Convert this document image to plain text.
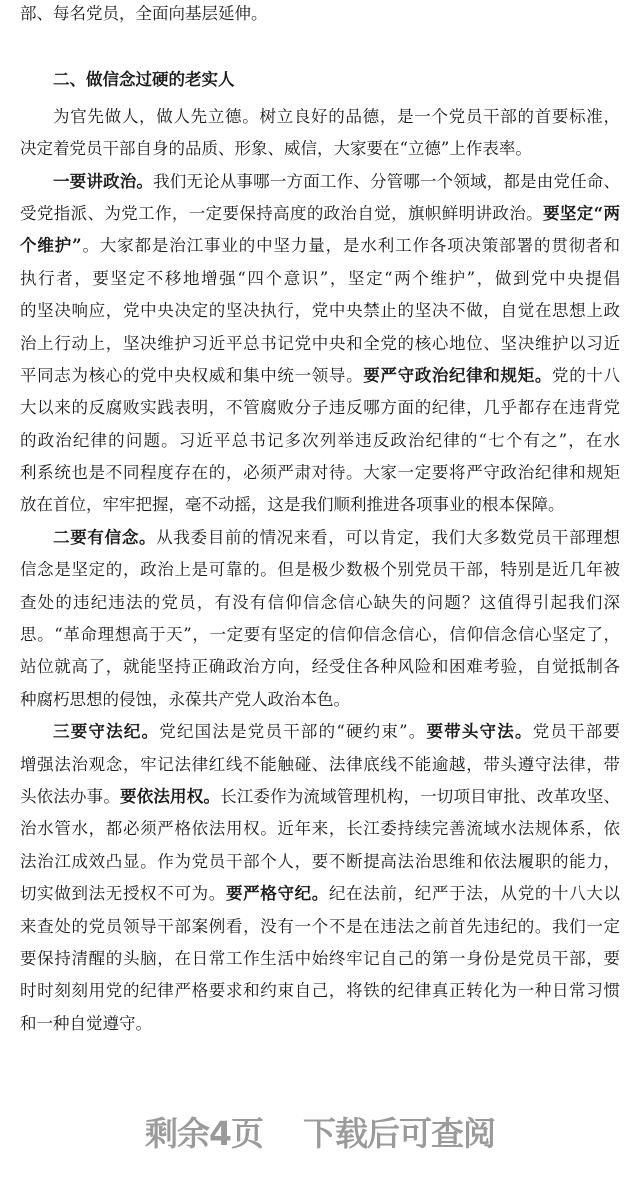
部、每名党员，全面向基层延伸。
二、做信念过硬的老实人
为官先做人，做人先立德。树立良好的品德，是一个党员干部的首要标准，
决定着党员干部自身的品质、形象、威信，大家要在“立德”上作表率。
一要讲政治。我们无论从事哪一方面工作、分管哪一个领域，都是由党任命、
受党指派、为党工作，一定要保持高度的政治自觉，旗帜鲜明讲政治。要坚定“两
个维护”。大家都是治江事业的中坚力量，是水利工作各项决策部署的贯彻者和
执行者，要坚定不移地增强“四个意识”，坚定“两个维护”，做到党中央提倡
的坚决响应，党中央决定的坚决执行，党中央禁止的坚决不做，自觉在思想上政
治上行动上，坚决维护习近平总书记党中央和全党的核心地位、坚决维护以习近
平同志为核心的党中央权威和集中统一领导。要严守政治纪律和规矩。党的十八
大以来的反腐败实践表明，不管腐败分子违反哪方面的纪律，几乎都存在违背党
的政治纪律的问题。习近平总书记多次列举违反政治纪律的“七个有之”，在水
利系统也是不同程度存在的，必须严肃对待。大家一定要将严守政治纪律和规矩
放在首位，牢牢把握，毫不动摇，这是我们顺利推进各项事业的根本保障。
二要有信念。从我委目前的情况来看，可以肯定，我们大多数党员干部理想
信念是坚定的，政治上是可靠的。但是极少数极个别党员干部，特别是近几年被
查处的违纪违法的党员，有没有信仰信念信心缺失的问题？这值得引起我们深
思。“革命理想高于天”，一定要有坚定的信仰信念信心，信仰信念信心坚定了，
站位就高了，就能坚持正确政治方向，经受住各种风险和困难考验，自觉抵制各
种腐朽思想的侵蚀，永葆共产党人政治本色。
三要守法纪。党纪国法是党员干部的“硬约束”。要带头守法。党员干部要
增强法治观念，牢记法律红线不能触碰、法律底线不能逾越，带头遵守法律，带
头依法办事。要依法用权。长江委作为流域管理机构，一切项目审批、改革攻坚、
治水管水，都必须严格依法用权。近年来，长江委持续完善流域水法规体系，依
法治江成效凸显。作为党员干部个人，要不断提高法治思维和依法履职的能力，
切实做到法无授权不可为。要严格守纪。纪在法前，纪严于法，从党的十八大以
来查处的党员领导干部案例看，没有一个不是在违法之前首先违纪的。我们一定
要保持清醒的头脑，在日常工作生活中始终牢记自己的第一身份是党员干部，要
时时刻刻用党的纪律严格要求和约束自己，将铁的纪律真正转化为一种日常习惯
和一种自觉遵守。
剩余4页 下载后可查阅
